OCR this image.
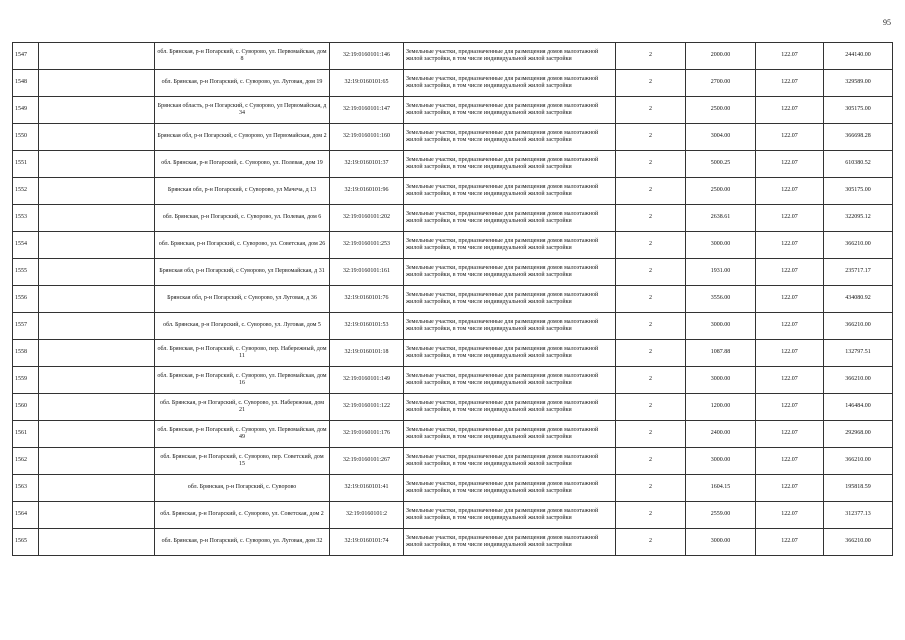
95
1547		обл. Брянская, р-н Погарский, с. Суворово, ул. Первомайская, дом 8	32:19:0160101:146	Земельные участки, предназначенные для размещения домов малоэтажной жилой застройки, в том числе индивидуальной жилой застройки	2	2000.00	122.07	244140.00
1548		обл. Брянская, р-н Погарский, с. Суворово, ул. Луговая, дом 19	32:19:0160101:65	Земельные участки, предназначенные для размещения домов малоэтажной жилой застройки, в том числе индивидуальной жилой застройки	2	2700.00	122.07	329589.00
1549		Брянская область, р-н Погарский, с Суворово, ул Первомайская, д 34	32:19:0160101:147	Земельные участки, предназначенные для размещения домов малоэтажной жилой застройки, в том числе индивидуальной жилой застройки	2	2500.00	122.07	305175.00
1550		Брянская обл, р-н Погарский, с Суворово, ул Первомайская, дом 2	32:19:0160101:160	Земельные участки, предназначенные для размещения домов малоэтажной жилой застройки, в том числе индивидуальной жилой застройки	2	3004.00	122.07	366698.28
1551		обл. Брянская, р-н Погарский, с. Суворово, ул. Полевая, дом 19	32:19:0160101:37	Земельные участки, предназначенные для размещения домов малоэтажной жилой застройки, в том числе индивидуальной жилой застройки	2	5000.25	122.07	610380.52
1552		Брянская обл, р-н Погарский, с Суворово, ул Мачеча, д 13	32:19:0160101:96	Земельные участки, предназначенные для размещения домов малоэтажной жилой застройки, в том числе индивидуальной жилой застройки	2	2500.00	122.07	305175.00
1553		обл. Брянская, р-н Погарский, с. Суворово, ул. Полевая, дом 6	32:19:0160101:202	Земельные участки, предназначенные для размещения домов малоэтажной жилой застройки, в том числе индивидуальной жилой застройки	2	2638.61	122.07	322095.12
1554		обл. Брянская, р-н Погарский, с. Суворово, ул. Советская, дом 26	32:19:0160101:253	Земельные участки, предназначенные для размещения домов малоэтажной жилой застройки, в том числе индивидуальной жилой застройки	2	3000.00	122.07	366210.00
1555		Брянская обл, р-н Погарский, с Суворово, ул Первомайская, д 31	32:19:0160101:161	Земельные участки, предназначенные для размещения домов малоэтажной жилой застройки, в том числе индивидуальной жилой застройки	2	1931.00	122.07	235717.17
1556		Брянская обл, р-н Погарский, с Суворово, ул Луговая, д 36	32:19:0160101:76	Земельные участки, предназначенные для размещения домов малоэтажной жилой застройки, в том числе индивидуальной жилой застройки	2	3556.00	122.07	434080.92
1557		обл. Брянская, р-н Погарский, с. Суворово, ул. Луговая, дом 5	32:19:0160101:53	Земельные участки, предназначенные для размещения домов малоэтажной жилой застройки, в том числе индивидуальной жилой застройки	2	3000.00	122.07	366210.00
1558		обл. Брянская, р-н Погарский, с. Суворово, пер. Набережный, дом 11	32:19:0160101:18	Земельные участки, предназначенные для размещения домов малоэтажной жилой застройки, в том числе индивидуальной жилой застройки	2	1087.88	122.07	132797.51
1559		обл. Брянская, р-н Погарский, с. Суворово, ул. Первомайская, дом 16	32:19:0160101:149	Земельные участки, предназначенные для размещения домов малоэтажной жилой застройки, в том числе индивидуальной жилой застройки	2	3000.00	122.07	366210.00
1560		обл. Брянская, р-н Погарский, с. Суворово, ул. Набережная, дом 21	32:19:0160101:122	Земельные участки, предназначенные для размещения домов малоэтажной жилой застройки, в том числе индивидуальной жилой застройки	2	1200.00	122.07	146484.00
1561		обл. Брянская, р-н Погарский, с. Суворово, ул. Первомайская, дом 49	32:19:0160101:176	Земельные участки, предназначенные для размещения домов малоэтажной жилой застройки, в том числе индивидуальной жилой застройки	2	2400.00	122.07	292968.00
1562		обл. Брянская, р-н Погарский, с. Суворово, пер. Советский, дом 15	32:19:0160101:267	Земельные участки, предназначенные для размещения домов малоэтажной жилой застройки, в том числе индивидуальной жилой застройки	2	3000.00	122.07	366210.00
1563		обл. Брянская, р-н Погарский, с. Суворово	32:19:0160101:41	Земельные участки, предназначенные для размещения домов малоэтажной жилой застройки, в том числе индивидуальной жилой застройки	2	1604.15	122.07	195818.59
1564		обл. Брянская, р-н Погарский, с. Суворово, ул. Советская, дом 2	32:19:0160101:2	Земельные участки, предназначенные для размещения домов малоэтажной жилой застройки, в том числе индивидуальной жилой застройки	2	2559.00	122.07	312377.13
1565		обл. Брянская, р-н Погарский, с. Суворово, ул. Луговая, дом 32	32:19:0160101:74	Земельные участки, предназначенные для размещения домов малоэтажной жилой застройки, в том числе индивидуальной жилой застройки	2	3000.00	122.07	366210.00
